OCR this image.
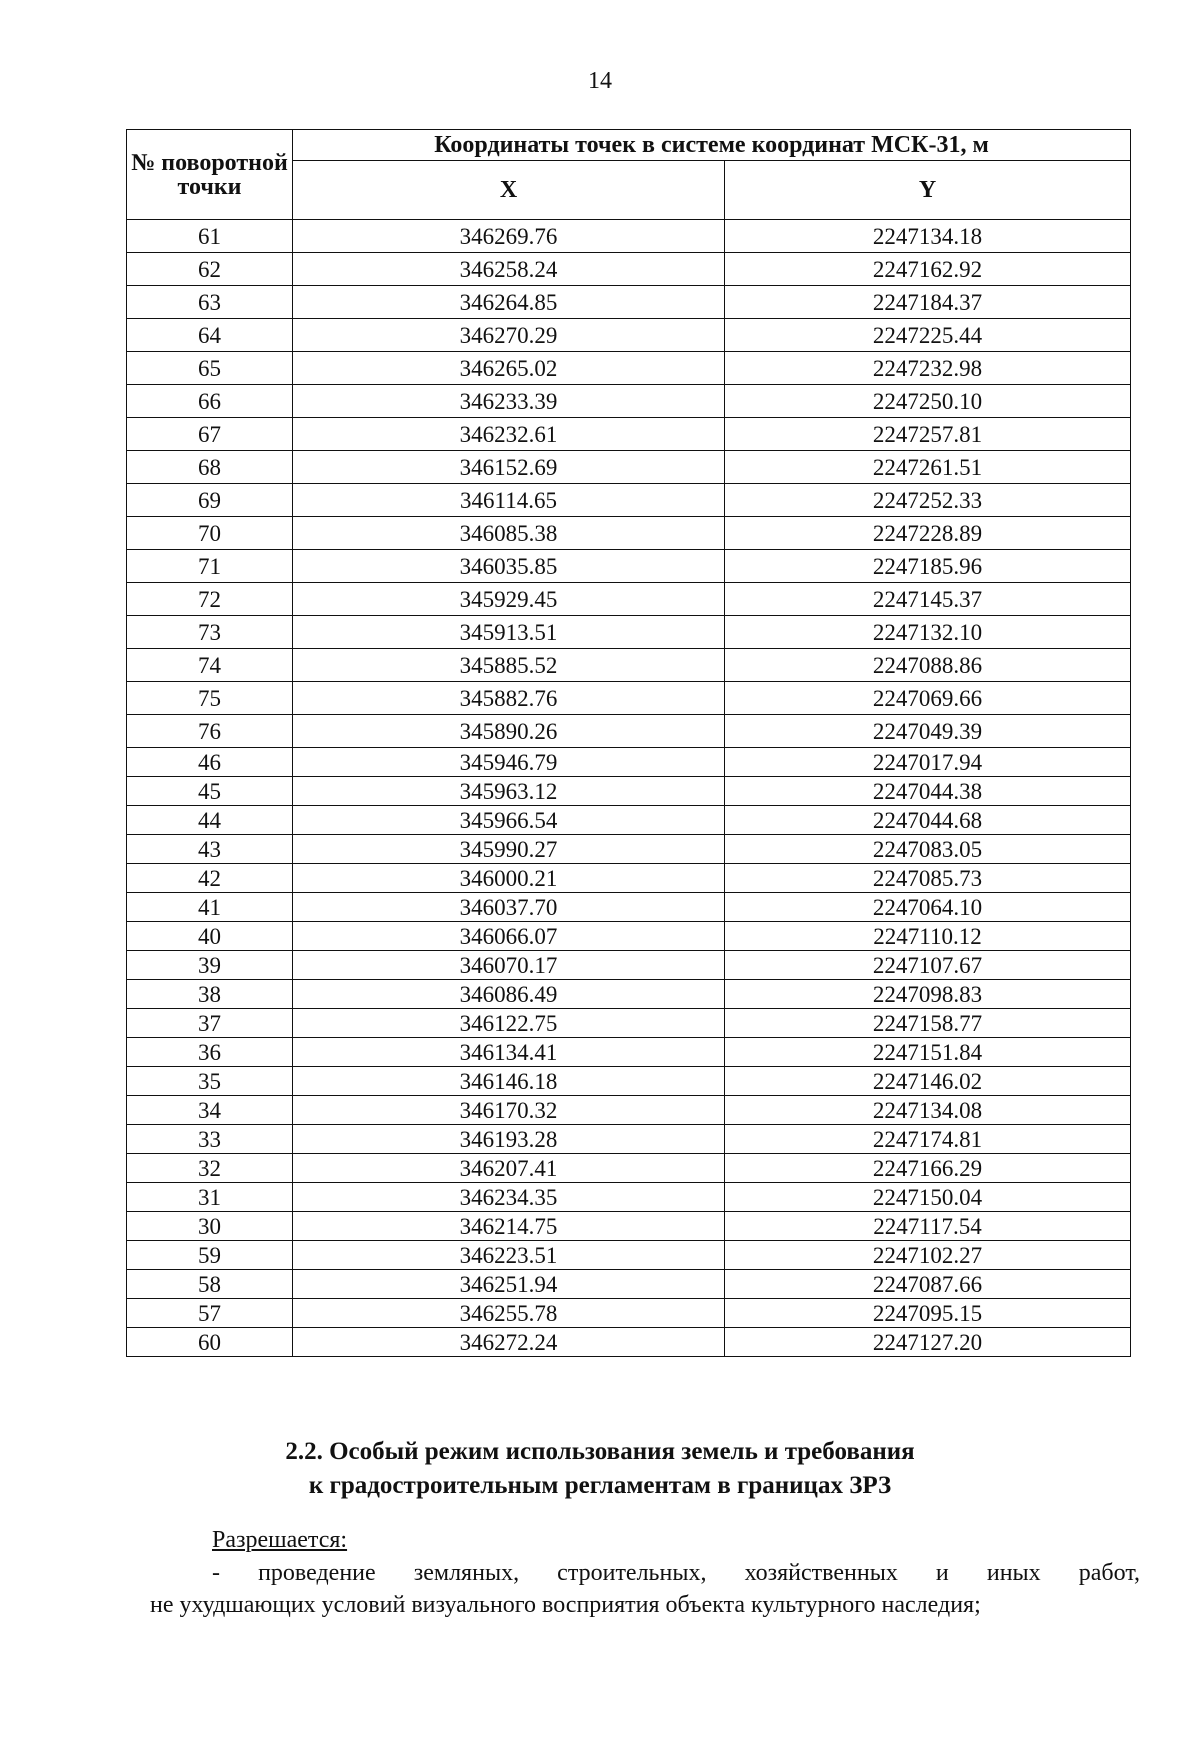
14
№ поворотной точки	Координаты точек в системе координат МСК-31, м	
	X	Y
61	346269.76	2247134.18
62	346258.24	2247162.92
63	346264.85	2247184.37
64	346270.29	2247225.44
65	346265.02	2247232.98
66	346233.39	2247250.10
67	346232.61	2247257.81
68	346152.69	2247261.51
69	346114.65	2247252.33
70	346085.38	2247228.89
71	346035.85	2247185.96
72	345929.45	2247145.37
73	345913.51	2247132.10
74	345885.52	2247088.86
75	345882.76	2247069.66
76	345890.26	2247049.39
46	345946.79	2247017.94
45	345963.12	2247044.38
44	345966.54	2247044.68
43	345990.27	2247083.05
42	346000.21	2247085.73
41	346037.70	2247064.10
40	346066.07	2247110.12
39	346070.17	2247107.67
38	346086.49	2247098.83
37	346122.75	2247158.77
36	346134.41	2247151.84
35	346146.18	2247146.02
34	346170.32	2247134.08
33	346193.28	2247174.81
32	346207.41	2247166.29
31	346234.35	2247150.04
30	346214.75	2247117.54
59	346223.51	2247102.27
58	346251.94	2247087.66
57	346255.78	2247095.15
60	346272.24	2247127.20
2.2. Особый режим использования земель и требования
к градостроительным регламентам в границах ЗРЗ
Разрешается:
- проведение земляных, строительных, хозяйственных и иных работ,
не ухудшающих условий визуального восприятия объекта культурного наследия;
